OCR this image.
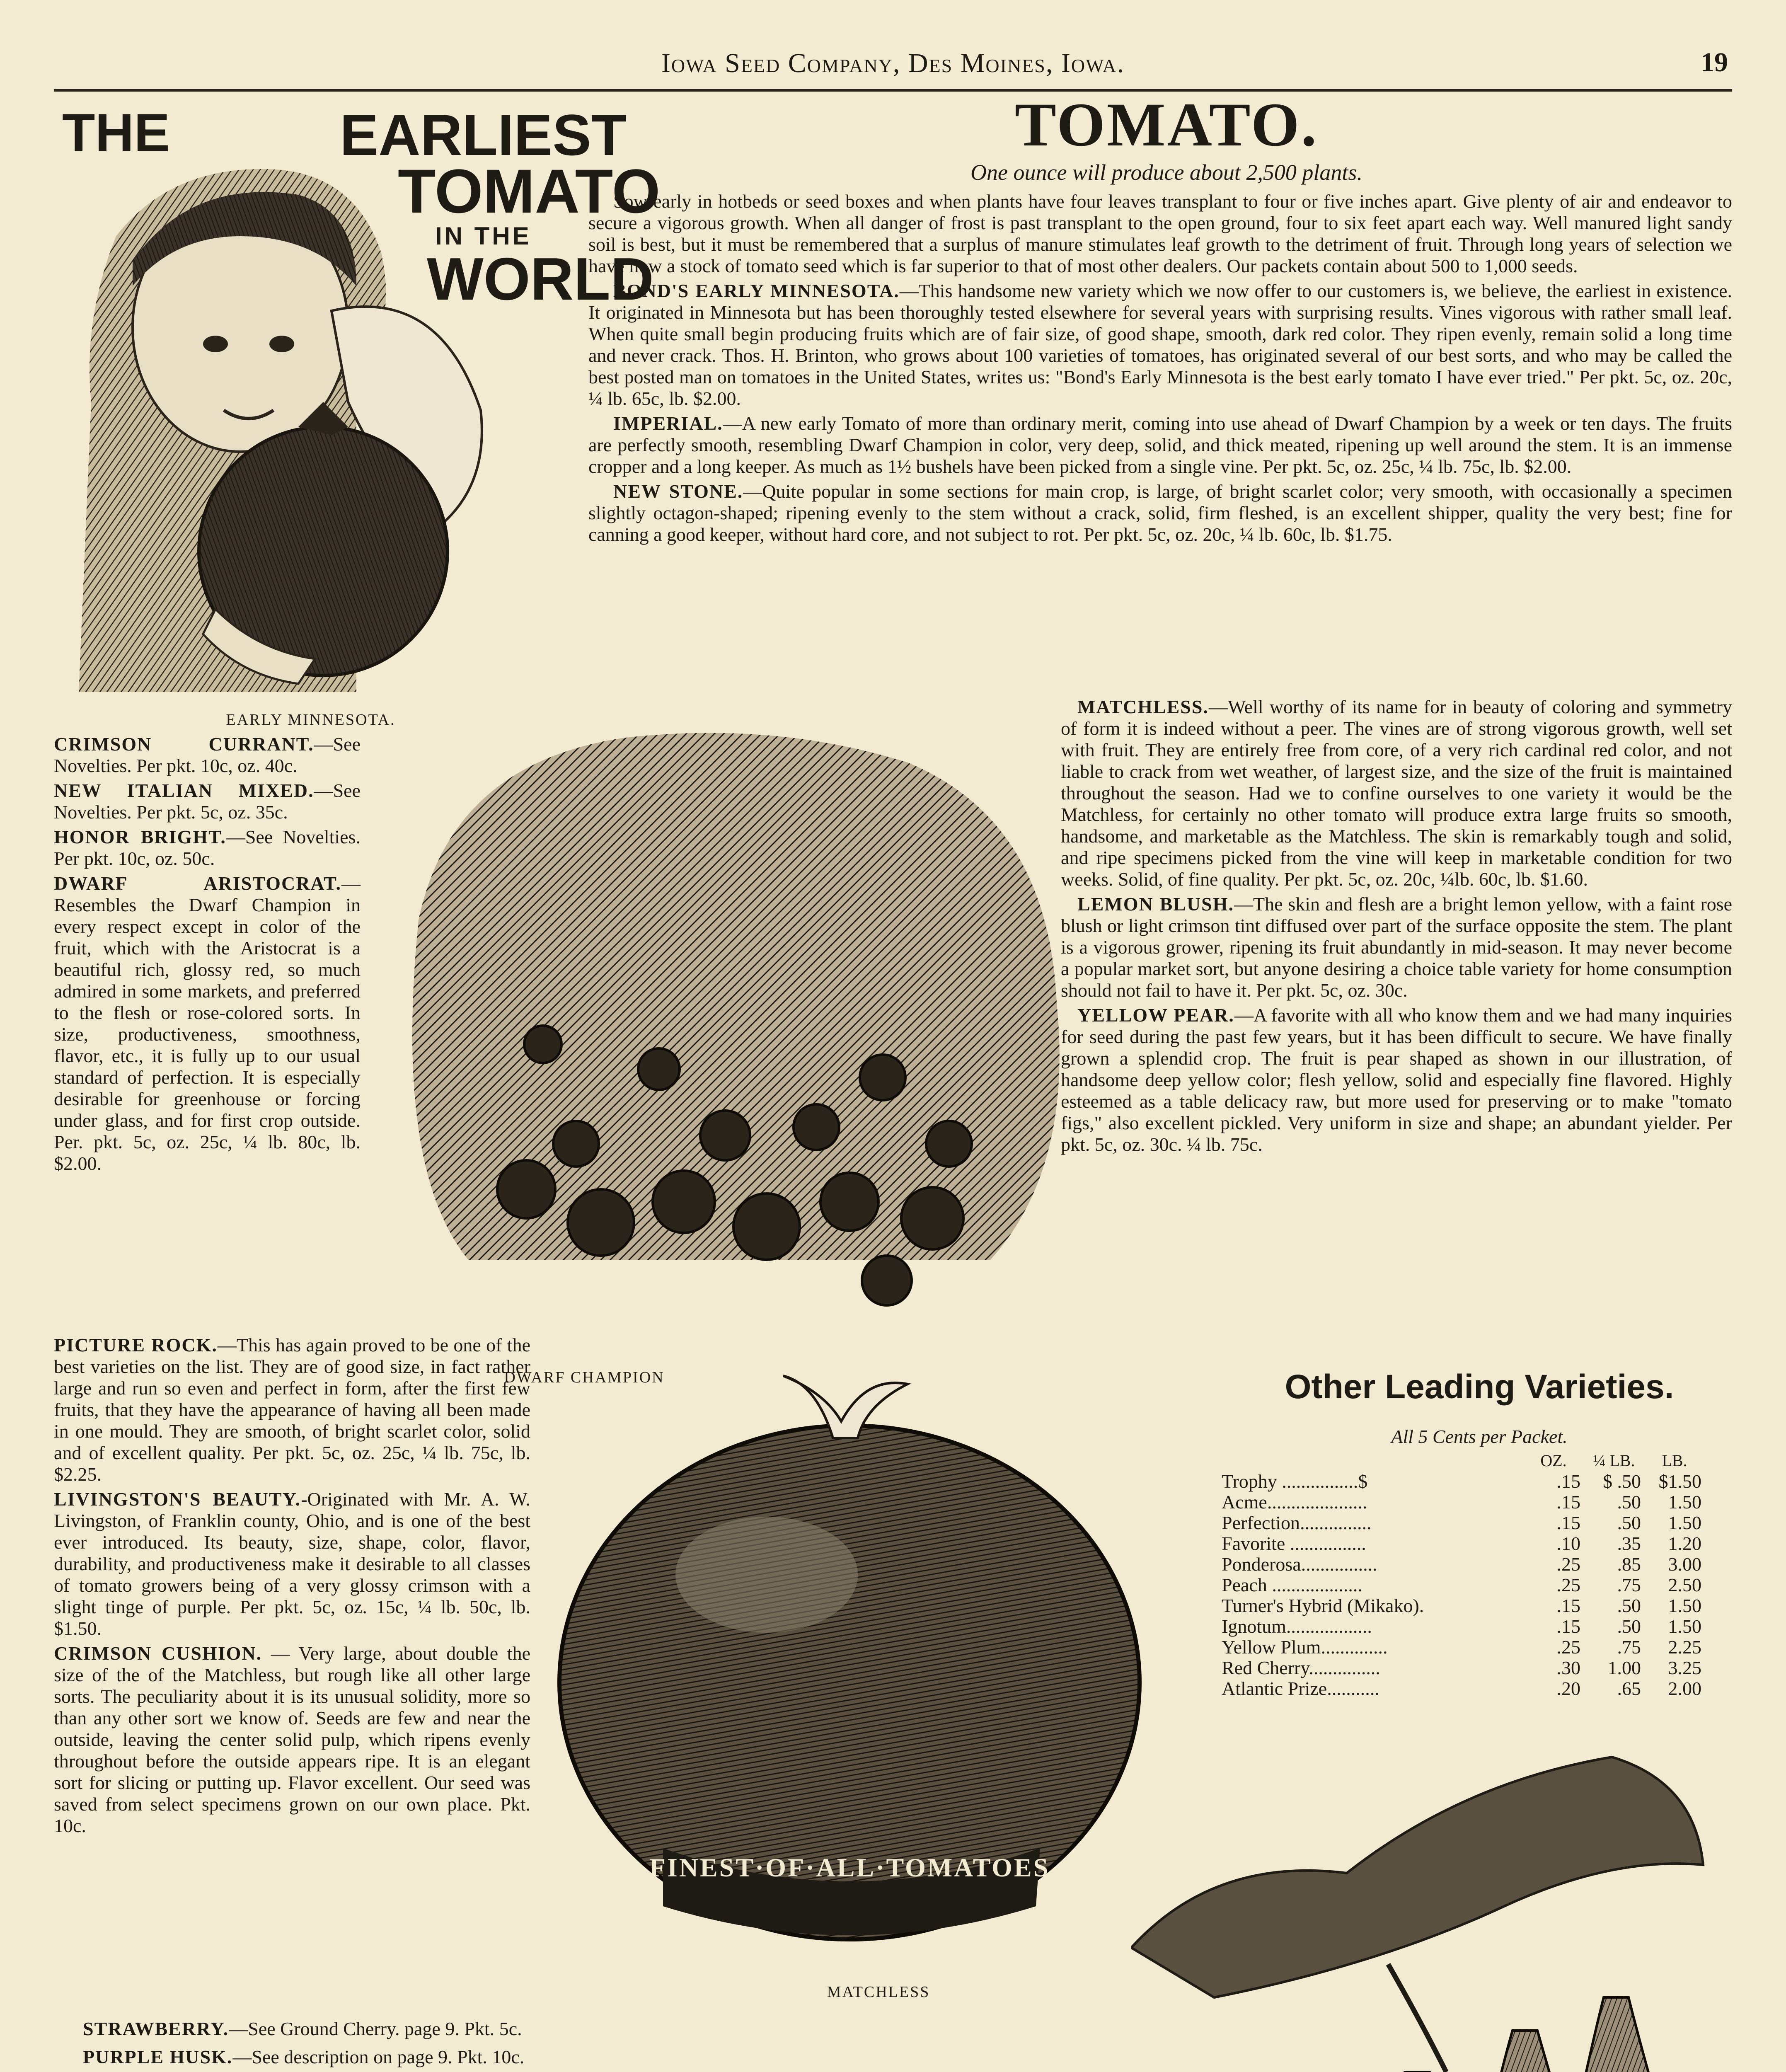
Iowa Seed Company, Des Moines, Iowa.	19
THE	EARLIEST
TOMATO
IN THE
WORLD
EARLY MINNESOTA.
TOMATO.
One ounce will produce about 2,500 plants.

Sow early in hotbeds or seed boxes and when plants have four leaves transplant to four or five inches apart. Give plenty of air and endeavor to secure a vigorous growth. When all danger of frost is past transplant to the open ground, four to six feet apart each way. Well manured light sandy soil is best, but it must be remembered that a surplus of manure stimulates leaf growth to the detriment of fruit. Through long years of selection we have now a stock of tomato seed which is far superior to that of most other dealers. Our packets contain about 500 to 1,000 seeds.

BOND'S EARLY MINNESOTA.—This handsome new variety which we now offer to our customers is, we believe, the earliest in existence. It originated in Minnesota but has been thoroughly tested elsewhere for several years with surprising results. Vines vigorous with rather small leaf. When quite small begin producing fruits which are of fair size, of good shape, smooth, dark red color. They ripen evenly, remain solid a long time and never crack. Thos. H. Brinton, who grows about 100 varieties of tomatoes, has originated several of our best sorts, and who may be called the best posted man on tomatoes in the United States, writes us: "Bond's Early Minnesota is the best early tomato I have ever tried." Per pkt. 5c, oz. 20c, ¼ lb. 65c, lb. $2.00.

IMPERIAL.—A new early Tomato of more than ordinary merit, coming into use ahead of Dwarf Champion by a week or ten days. The fruits are perfectly smooth, resembling Dwarf Champion in color, very deep, solid, and thick meated, ripening up well around the stem. It is an immense cropper and a long keeper. As much as 1½ bushels have been picked from a single vine. Per pkt. 5c, oz. 25c, ¼ lb. 75c, lb. $2.00.

NEW STONE.—Quite popular in some sections for main crop, is large, of bright scarlet color; very smooth, with occasionally a specimen slightly octagon-shaped; ripening evenly to the stem without a crack, solid, firm fleshed, is an excellent shipper, quality the very best; fine for canning a good keeper, without hard core, and not subject to rot. Per pkt. 5c, oz. 20c, ¼ lb. 60c, lb. $1.75.

CRIMSON CURRANT.—See Novelties. Per pkt. 10c, oz. 40c.

NEW ITALIAN MIXED.—See Novelties. Per pkt. 5c, oz. 35c.

HONOR BRIGHT.—See Novelties. Per pkt. 10c, oz. 50c.

DWARF ARISTOCRAT.—Resembles the Dwarf Champion in every respect except in color of the fruit, which with the Aristocrat is a beautiful rich, glossy red, so much admired in some markets, and preferred to the flesh or rose-colored sorts. In size, productiveness, smoothness, flavor, etc., it is fully up to our usual standard of perfection. It is especially desirable for greenhouse or forcing under glass, and for first crop outside. Per. pkt. 5c, oz. 25c, ¼ lb. 80c, lb. $2.00.

PICTURE ROCK.—This has again proved to be one of the best varieties on the list. They are of good size, in fact rather large and run so even and perfect in form, after the first few fruits, that they have the appearance of having all been made in one mould. They are smooth, of bright scarlet color, solid and of excellent quality. Per pkt. 5c, oz. 25c, ¼ lb. 75c, lb. $2.25.

LIVINGSTON'S BEAUTY.-Originated with Mr. A. W. Livingston, of Franklin county, Ohio, and is one of the best ever introduced. Its beauty, size, shape, color, flavor, durability, and productiveness make it desirable to all classes of tomato growers being of a very glossy crimson with a slight tinge of purple. Per pkt. 5c, oz. 15c, ¼ lb. 50c, lb. $1.50.

CRIMSON CUSHION. — Very large, about double the size of the of the Matchless, but rough like all other large sorts. The peculiarity about it is its unusual solidity, more so than any other sort we know of. Seeds are few and near the outside, leaving the center solid pulp, which ripens evenly throughout before the outside appears ripe. It is an elegant sort for slicing or putting up. Flavor excellent. Our seed was saved from select specimens grown on our own place. Pkt. 10c.

DWARF CHAMPION

MATCHLESS.—Well worthy of its name for in beauty of coloring and symmetry of form it is indeed without a peer. The vines are of strong vigorous growth, well set with fruit. They are entirely free from core, of a very rich cardinal red color, and not liable to crack from wet weather, of largest size, and the size of the fruit is maintained throughout the season. Had we to confine ourselves to one variety it would be the Matchless, for certainly no other tomato will produce extra large fruits so smooth, handsome, and marketable as the Matchless. The skin is remarkably tough and solid, and ripe specimens picked from the vine will keep in marketable condition for two weeks. Solid, of fine quality. Per pkt. 5c, oz. 20c, ¼lb. 60c, lb. $1.60.

LEMON BLUSH.—The skin and flesh are a bright lemon yellow, with a faint rose blush or light crimson tint diffused over part of the surface opposite the stem. The plant is a vigorous grower, ripening its fruit abundantly in mid-season. It may never become a popular market sort, but anyone desiring a choice table variety for home consumption should not fail to have it. Per pkt. 5c, oz. 30c.

YELLOW PEAR.—A favorite with all who know them and we had many inquiries for seed during the past few years, but it has been difficult to secure. We have finally grown a splendid crop. The fruit is pear shaped as shown in our illustration, of handsome deep yellow color; flesh yellow, solid and especially fine flavored. Highly esteemed as a table delicacy raw, but more used for preserving or to make "tomato figs," also excellent pickled. Very uniform in size and shape; an abundant yielder. Per pkt. 5c, oz. 30c. ¼ lb. 75c.

Other Leading Varieties.
All 5 Cents per Packet.
	OZ.	¼ LB.	LB.
Trophy ................$	.15	$ .50	$1.50
Acme.....................	.15	.50	1.50
Perfection...............	.15	.50	1.50
Favorite ................	.10	.35	1.20
Ponderosa................	.25	.85	3.00
Peach ...................	.25	.75	2.50
Turner's Hybrid (Mikako).	.15	.50	1.50
Ignotum..................	.15	.50	1.50
Yellow Plum..............	.25	.75	2.25
Red Cherry...............	.30	1.00	3.25
Atlantic Prize...........	.20	.65	2.00
FINEST·OF·ALL·TOMATOES
MATCHLESS

STRAWBERRY.—See Ground Cherry. page 9. Pkt. 5c.

PURPLE HUSK.—See description on page 9. Pkt. 10c.
